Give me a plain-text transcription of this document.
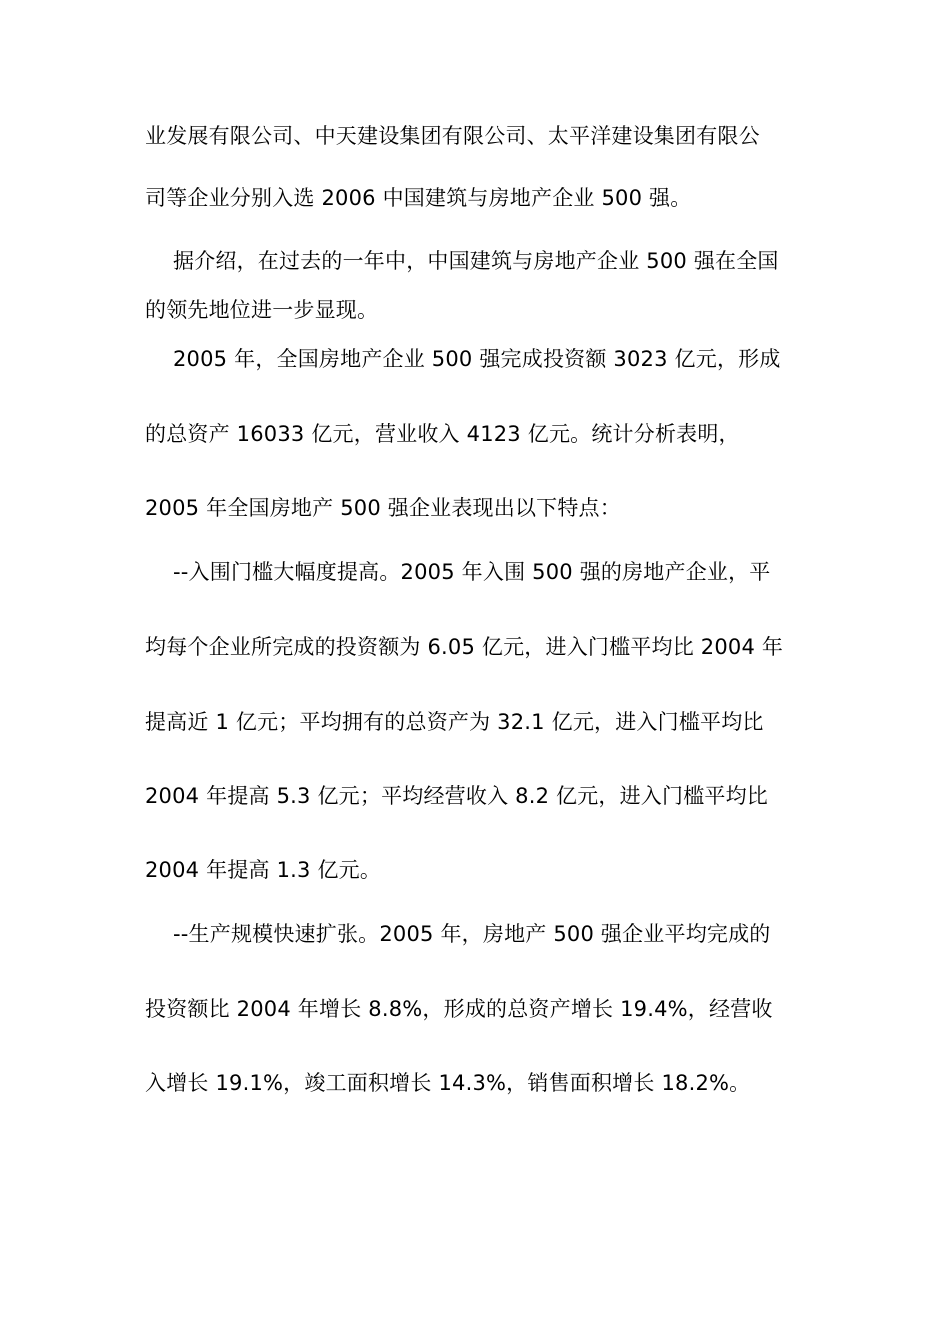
业发展有限公司、中天建设集团有限公司、太平洋建设集团有限公
司等企业分别入选 2006 中国建筑与房地产企业 500 强。
据介绍，在过去的一年中，中国建筑与房地产企业 500 强在全国
的领先地位进一步显现。
2005 年，全国房地产企业 500 强完成投资额 3023 亿元，形成
的总资产 16033 亿元，营业收入 4123 亿元。统计分析表明，
2005 年全国房地产 500 强企业表现出以下特点：
--入围门槛大幅度提高。2005 年入围 500 强的房地产企业，平
均每个企业所完成的投资额为 6.05 亿元，进入门槛平均比 2004 年
提高近 1 亿元；平均拥有的总资产为 32.1 亿元，进入门槛平均比
2004 年提高 5.3 亿元；平均经营收入 8.2 亿元，进入门槛平均比
2004 年提高 1.3 亿元。
--生产规模快速扩张。2005 年，房地产 500 强企业平均完成的
投资额比 2004 年增长 8.8%，形成的总资产增长 19.4%，经营收
入增长 19.1%，竣工面积增长 14.3%，销售面积增长 18.2%。
